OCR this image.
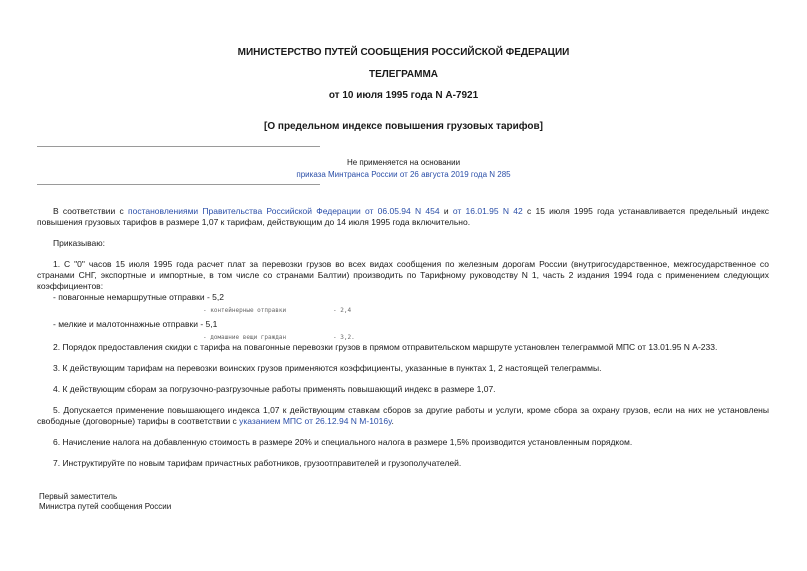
МИНИСТЕРСТВО ПУТЕЙ СООБЩЕНИЯ РОССИЙСКОЙ ФЕДЕРАЦИИ
ТЕЛЕГРАММА
от 10 июля 1995 года N А-7921
[О предельном индексе повышения грузовых тарифов]
Не применяется на основании
приказа Минтранса России от 26 августа 2019 года N 285

В соответствии с постановлениями Правительства Российской Федерации от 06.05.94 N 454 и от 16.01.95 N 42 с 15 июля 1995 года устанавливается предельный индекс повышения грузовых тарифов в размере 1,07 к тарифам, действующим до 14 июля 1995 года включительно.

Приказываю:

1. С "0" часов 15 июля 1995 года расчет плат за перевозки грузов во всех видах сообщения по железным дорогам России (внутригосударственное, межгосударственное со странами СНГ, экспортные и импортные, в том числе со странами Балтии) производить по Тарифному руководству N 1, часть 2 издания 1994 года с применением следующих коэффициентов:

- повагонные немаршрутные отправки - 5,2

- контейнерные отправки             - 2,4

- мелкие и малотоннажные отправки - 5,1

- домашние вещи граждан             - 3,2.

2. Порядок предоставления скидки с тарифа на повагонные перевозки грузов в прямом отправительском маршруте установлен телеграммой МПС от 13.01.95 N А-233.

3. К действующим тарифам на перевозки воинских грузов применяются коэффициенты, указанные в пунктах 1, 2 настоящей телеграммы.

4. К действующим сборам за погрузочно-разгрузочные работы применять повышающий индекс в размере 1,07.

5. Допускается применение повышающего индекса 1,07 к действующим ставкам сборов за другие работы и услуги, кроме сбора за охрану грузов, если на них не установлены свободные (договорные) тарифы в соответствии с указанием МПС от 26.12.94 N М-1016у.

6. Начисление налога на добавленную стоимость в размере 20% и специального налога в размере 1,5% производится установленным порядком.

7. Инструктируйте по новым тарифам причастных работников, грузоотправителей и грузополучателей.

Первый заместитель
Министра путей сообщения России
